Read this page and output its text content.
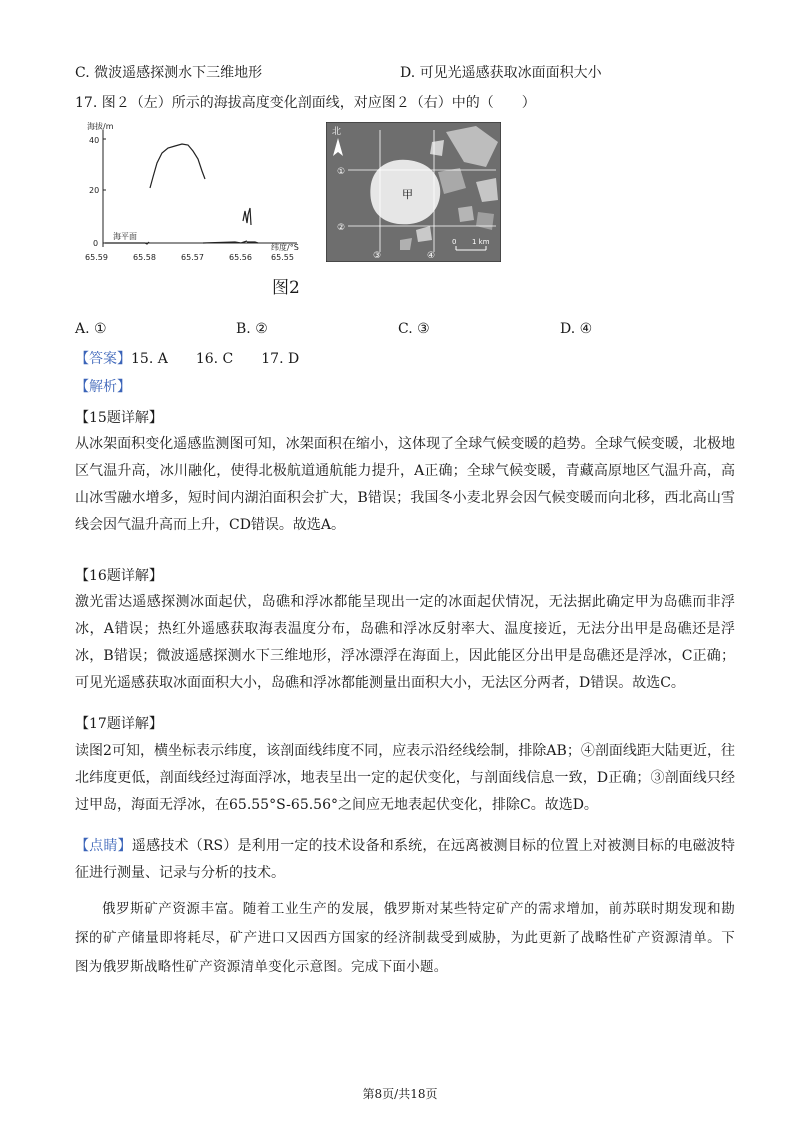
C. 微波遥感探测水下三维地形	D. 可见光遥感获取冰面面积大小
17. 图２（左）所示的海拔高度变化剖面线，对应图２（右）中的（　　）
海拔/m
40
20
0
海平面
纬度/°S
65.59	65.58	65.57	65.56 65.55
甲
北
①
②
③	④
0 1 km
图2
A. ①	B. ②	C. ③	D. ④
【答案】15. A　　16. C　　17. D
【解析】
【15题详解】
从冰架面积变化遥感监测图可知，冰架面积在缩小，这体现了全球气候变暖的趋势。全球气候变暖，北极地区气温升高，冰川融化，使得北极航道通航能力提升，A正确；全球气候变暖，青藏高原地区气温升高，高山冰雪融水增多，短时间内湖泊面积会扩大，B错误；我国冬小麦北界会因气候变暖而向北移，西北高山雪线会因气温升高而上升，CD错误。故选A。
【16题详解】
激光雷达遥感探测冰面起伏，岛礁和浮冰都能呈现出一定的冰面起伏情况，无法据此确定甲为岛礁而非浮冰，A错误；热红外遥感获取海表温度分布，岛礁和浮冰反射率大、温度接近，无法分出甲是岛礁还是浮冰，B错误；微波遥感探测水下三维地形，浮冰漂浮在海面上，因此能区分出甲是岛礁还是浮冰，C正确；可见光遥感获取冰面面积大小，岛礁和浮冰都能测量出面积大小，无法区分两者，D错误。故选C。
【17题详解】
读图2可知，横坐标表示纬度，该剖面线纬度不同，应表示沿经线绘制，排除AB；④剖面线距大陆更近，往北纬度更低，剖面线经过海面浮冰，地表呈出一定的起伏变化，与剖面线信息一致，D正确；③剖面线只经过甲岛，海面无浮冰，在65.55°S-65.56°之间应无地表起伏变化，排除C。故选D。
【点睛】遥感技术（RS）是利用一定的技术设备和系统，在远离被测目标的位置上对被测目标的电磁波特征进行测量、记录与分析的技术。
俄罗斯矿产资源丰富。随着工业生产的发展，俄罗斯对某些特定矿产的需求增加，前苏联时期发现和勘探的矿产储量即将耗尽，矿产进口又因西方国家的经济制裁受到威胁，为此更新了战略性矿产资源清单。下图为俄罗斯战略性矿产资源清单变化示意图。完成下面小题。
第8页/共18页
